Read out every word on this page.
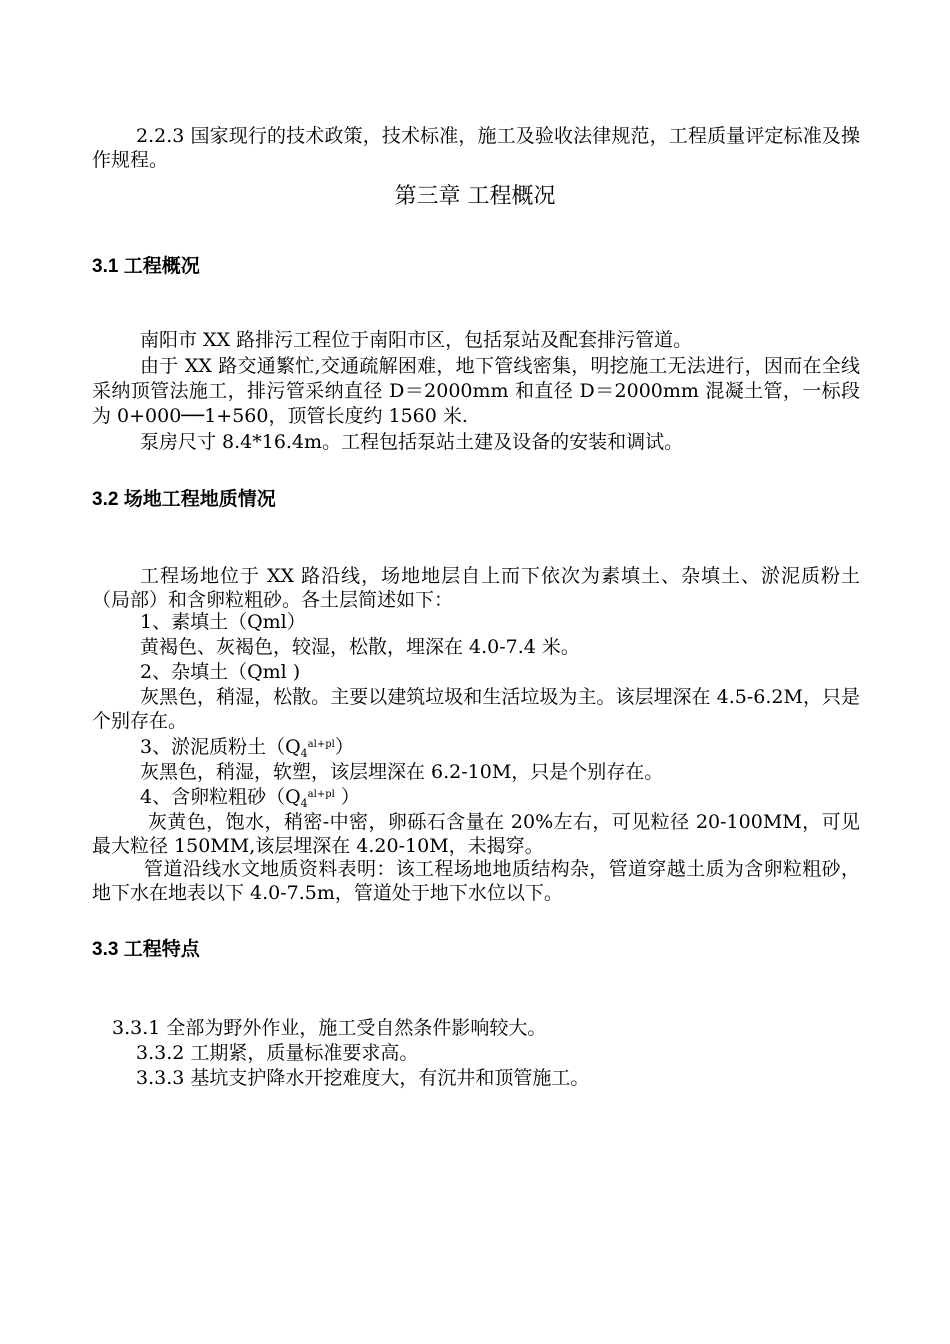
2.2.3 国家现行的技术政策，技术标准，施工及验收法律规范，工程质量评定标准及操作规程。

第三章 工程概况

3.1 工程概况

南阳市 XX 路排污工程位于南阳市区，包括泵站及配套排污管道。

由于 XX 路交通繁忙,交通疏解困难，地下管线密集，明挖施工无法进行，因而在全线采纳顶管法施工，排污管采纳直径 D＝2000mm 和直径 D＝2000mm 混凝土管，一标段为 0+000──1+560，顶管长度约 1560 米.

泵房尺寸 8.4*16.4m。工程包括泵站土建及设备的安装和调试。

3.2 场地工程地质情况

工程场地位于 XX 路沿线，场地地层自上而下依次为素填土、杂填土、淤泥质粉土（局部）和含卵粒粗砂。各土层简述如下：

1、素填土（Qml）

黄褐色、灰褐色，较湿，松散，埋深在 4.0-7.4 米。

2、杂填土（Qml )

灰黑色，稍湿，松散。主要以建筑垃圾和生活垃圾为主。该层埋深在 4.5-6.2M，只是个别存在。

3、淤泥质粉土$(Q_4^{al+pl})$

灰黑色，稍湿，软塑，该层埋深在 6.2-10M，只是个别存在。

4、含卵粒粗砂（$Q_4^{al+pl}$ ）

灰黄色，饱水，稍密-中密，卵砾石含量在 20%左右，可见粒径 20-100MM，可见最大粒径 150MM,该层埋深在 4.20-10M，未揭穿。

管道沿线水文地质资料表明：该工程场地地质结构杂，管道穿越土质为含卵粒粗砂，地下水在地表以下 4.0-7.5m，管道处于地下水位以下。

3.3 工程特点

3.3.1 全部为野外作业，施工受自然条件影响较大。

3.3.2 工期紧，质量标准要求高。

3.3.3 基坑支护降水开挖难度大，有沉井和顶管施工。
